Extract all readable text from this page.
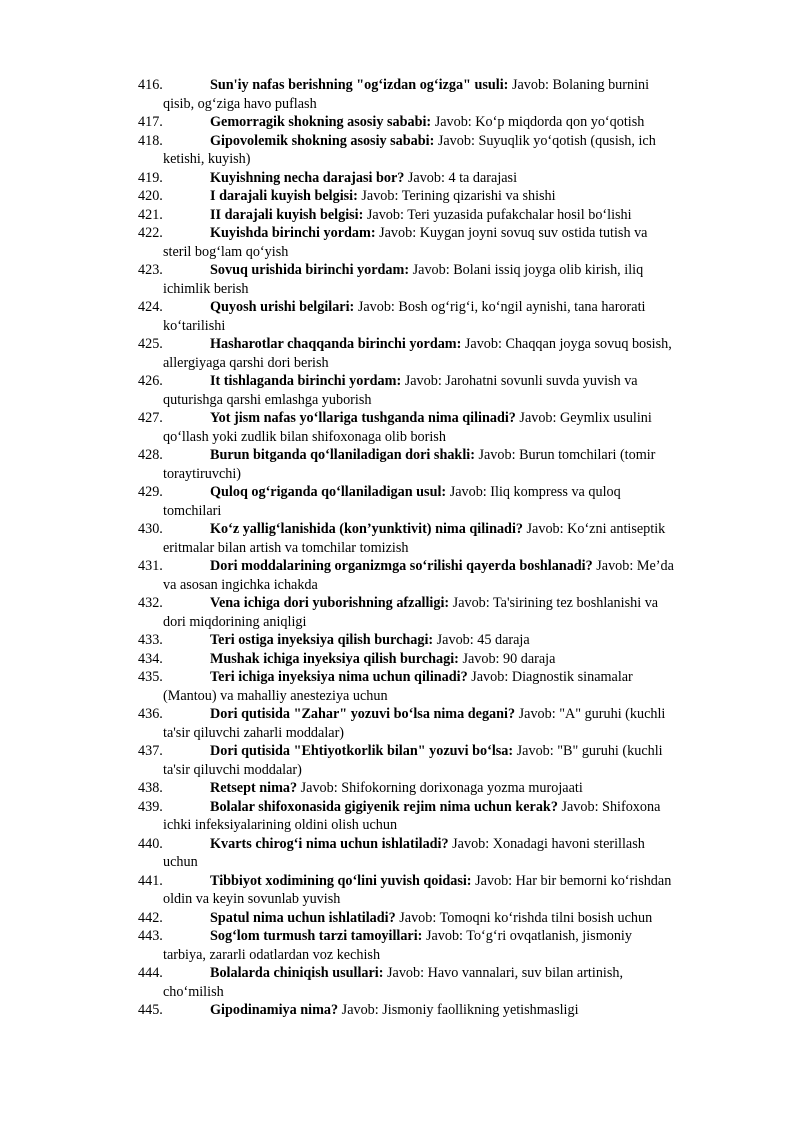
416.	Sun'iy nafas berishning "og‘izdan og‘izga" usuli: Javob: Bolaning burnini
qisib, og‘ziga havo puflash
417.	Gemorragik shokning asosiy sababi: Javob: Ko‘p miqdorda qon yo‘qotish
418.	Gipovolemik shokning asosiy sababi: Javob: Suyuqlik yo‘qotish (qusish, ich
ketishi, kuyish)
419.	Kuyishning necha darajasi bor? Javob: 4 ta darajasi
420.	I darajali kuyish belgisi: Javob: Terining qizarishi va shishi
421.	II darajali kuyish belgisi: Javob: Teri yuzasida pufakchalar hosil bo‘lishi
422.	Kuyishda birinchi yordam: Javob: Kuygan joyni sovuq suv ostida tutish va
steril bog‘lam qo‘yish
423.	Sovuq urishida birinchi yordam: Javob: Bolani issiq joyga olib kirish, iliq
ichimlik berish
424.	Quyosh urishi belgilari: Javob: Bosh og‘rig‘i, ko‘ngil aynishi, tana harorati
ko‘tarilishi
425.	Hasharotlar chaqqanda birinchi yordam: Javob: Chaqqan joyga sovuq bosish,
allergiyaga qarshi dori berish
426.	It tishlaganda birinchi yordam: Javob: Jarohatni sovunli suvda yuvish va
quturishga qarshi emlashga yuborish
427.	Yot jism nafas yo‘llariga tushganda nima qilinadi? Javob: Geymlix usulini
qo‘llash yoki zudlik bilan shifoxonaga olib borish
428.	Burun bitganda qo‘llaniladigan dori shakli: Javob: Burun tomchilari (tomir
toraytiruvchi)
429.	Quloq og‘riganda qo‘llaniladigan usul: Javob: Iliq kompress va quloq
tomchilari
430.	Ko‘z yallig‘lanishida (kon’yunktivit) nima qilinadi? Javob: Ko‘zni antiseptik
eritmalar bilan artish va tomchilar tomizish
431.	Dori moddalarining organizmga so‘rilishi qayerda boshlanadi? Javob: Me’da
va asosan ingichka ichakda
432.	Vena ichiga dori yuborishning afzalligi: Javob: Ta'sirining tez boshlanishi va
dori miqdorining aniqligi
433.	Teri ostiga inyeksiya qilish burchagi: Javob: 45 daraja
434.	Mushak ichiga inyeksiya qilish burchagi: Javob: 90 daraja
435.	Teri ichiga inyeksiya nima uchun qilinadi? Javob: Diagnostik sinamalar
(Mantou) va mahalliy anesteziya uchun
436.	Dori qutisida "Zahar" yozuvi bo‘lsa nima degani? Javob: "A" guruhi (kuchli
ta'sir qiluvchi zaharli moddalar)
437.	Dori qutisida "Ehtiyotkorlik bilan" yozuvi bo‘lsa: Javob: "B" guruhi (kuchli
ta'sir qiluvchi moddalar)
438.	Retsept nima? Javob: Shifokorning dorixonaga yozma murojaati
439.	Bolalar shifoxonasida gigiyenik rejim nima uchun kerak? Javob: Shifoxona
ichki infeksiyalarining oldini olish uchun
440.	Kvarts chirog‘i nima uchun ishlatiladi? Javob: Xonadagi havoni sterillash
uchun
441.	Tibbiyot xodimining qo‘lini yuvish qoidasi: Javob: Har bir bemorni ko‘rishdan
oldin va keyin sovunlab yuvish
442.	Spatul nima uchun ishlatiladi? Javob: Tomoqni ko‘rishda tilni bosish uchun
443.	Sog‘lom turmush tarzi tamoyillari: Javob: To‘g‘ri ovqatlanish, jismoniy
tarbiya, zararli odatlardan voz kechish
444.	Bolalarda chiniqish usullari: Javob: Havo vannalari, suv bilan artinish,
cho‘milish
445.	Gipodinamiya nima? Javob: Jismoniy faollikning yetishmasligi
